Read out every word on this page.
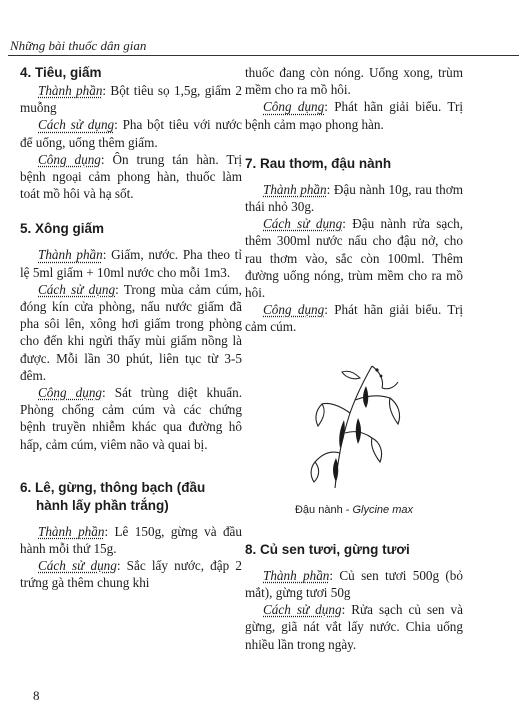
Những bài thuốc dân gian
4. Tiêu, giấm

Thành phần: Bột tiêu sọ 1,5g, giấm 2 muỗng

Cách sử dụng: Pha bột tiêu với nước để uống, uống thêm giấm.

Công dụng: Ôn trung tán hàn. Trị bệnh ngoại cảm phong hàn, thuốc làm toát mồ hôi và hạ sốt.

5. Xông giấm

Thành phần: Giấm, nước. Pha theo tỉ lệ 5ml giấm + 10ml nước cho mỗi 1m3.

Cách sử dụng: Trong mùa cảm cúm, đóng kín cửa phòng, nấu nước giấm đã pha sôi lên, xông hơi giấm trong phòng cho đến khi ngửi thấy mùi giấm nồng là được. Mỗi lần 30 phút, liên tục từ 3-5 đêm.

Công dụng: Sát trùng diệt khuẩn. Phòng chống cảm cúm và các chứng bệnh truyền nhiễm khác qua đường hô hấp, cảm cúm, viêm não và quai bị.

6. Lê, gừng, thông bạch (đầu
hành lấy phần trắng)

Thành phần: Lê 150g, gừng và đầu hành mỗi thứ 15g.

Cách sử dụng: Sắc lấy nước, đập 2 trứng gà thêm chung khi

thuốc đang còn nóng. Uống xong, trùm mềm cho ra mồ hôi.

Công dụng: Phát hãn giải biểu. Trị bệnh cảm mạo phong hàn.

7. Rau thơm, đậu nành

Thành phần: Đậu nành 10g, rau thơm thái nhỏ 30g.

Cách sử dụng: Đậu nành rửa sạch, thêm 300ml nước nấu cho đậu nở, cho rau thơm vào, sắc còn 100ml. Thêm đường uống nóng, trùm mềm cho ra mồ hôi.

Công dụng: Phát hãn giải biểu. Trị cảm cúm.

Đậu nành - Glycine max
8. Củ sen tươi, gừng tươi

Thành phần: Củ sen tươi 500g (bỏ mắt), gừng tươi 50g

Cách sử dụng: Rửa sạch củ sen và gừng, giã nát vắt lấy nước. Chia uống nhiều lần trong ngày.

8
